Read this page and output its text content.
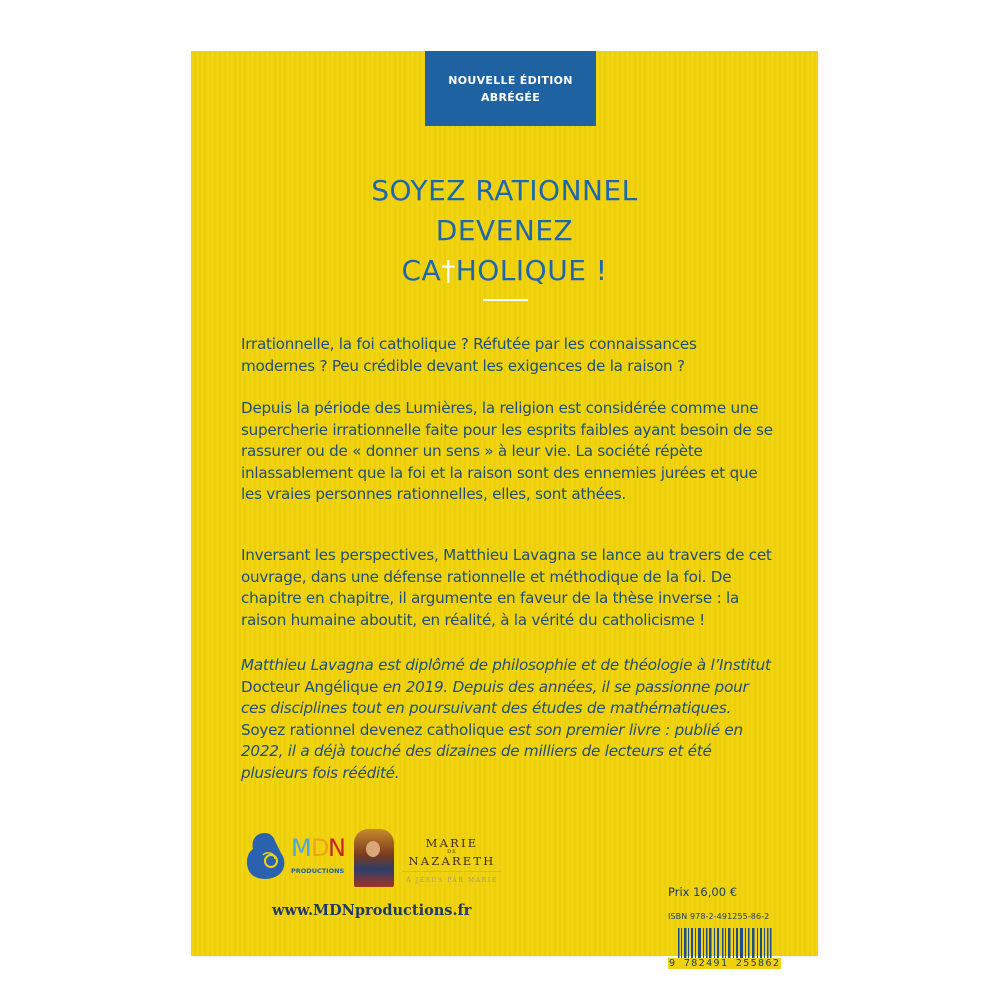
NOUVELLE ÉDITION
ABRÉGÉE
SOYEZ RATIONNEL
DEVENEZ
CA†HOLIQUE !

Irrationnelle, la foi catholique ? Réfutée par les connaissances modernes ? Peu crédible devant les exigences de la raison ?

Depuis la période des Lumières, la religion est considérée comme une supercherie irrationnelle faite pour les esprits faibles ayant besoin de se rassurer ou de « donner un sens » à leur vie. La société répète inlassablement que la foi et la raison sont des ennemies jurées et que les vraies personnes rationnelles, elles, sont athées.

Inversant les perspectives, Matthieu Lavagna se lance au travers de cet ouvrage, dans une défense rationnelle et méthodique de la foi. De chapitre en chapitre, il argumente en faveur de la thèse inverse : la raison humaine aboutit, en réalité, à la vérité du catholicisme !

Matthieu Lavagna est diplômé de philosophie et de théologie à l’Institut Docteur Angélique en 2019. Depuis des années, il se passionne pour ces disciplines tout en poursuivant des études de mathématiques. Soyez rationnel devenez catholique est son premier livre : publié en 2022, il a déjà touché des dizaines de milliers de lecteurs et été plusieurs fois réédité.

M D
N
PRODUCTIONS
MARIE
DE
NAZARETH
À JÉSUS PAR MARIE
www.MDNproductions.fr
Prix 16,00 €
ISBN 978-2-491255-86-2
9 782491 255862
